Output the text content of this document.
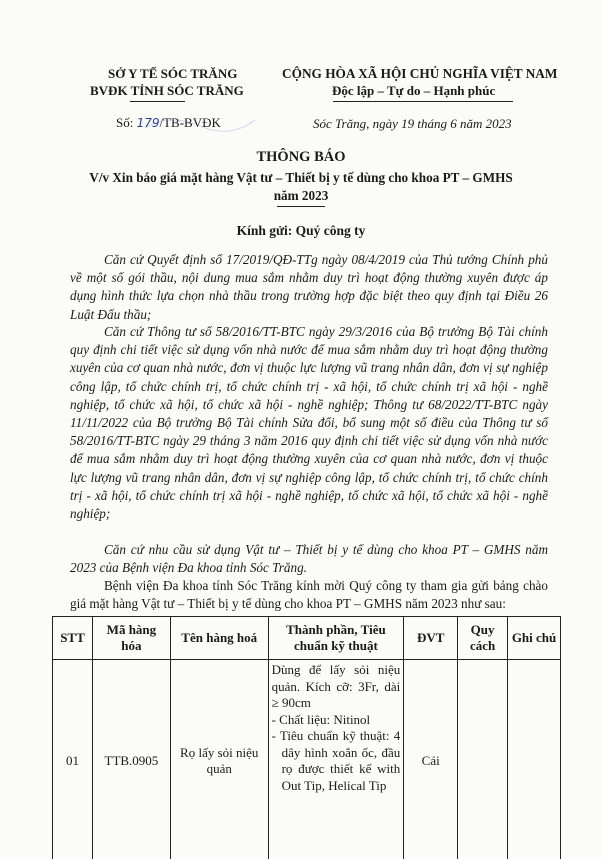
SỞ Y TẾ SÓC TRĂNG
BVĐK TỈNH SÓC TRĂNG
CỘNG HÒA XÃ HỘI CHỦ NGHĨA VIỆT NAM
Độc lập – Tự do – Hạnh phúc
Số: 179/TB-BVĐK	Sóc Trăng, ngày 19 tháng 6 năm 2023
THÔNG BÁO
V/v Xin báo giá mặt hàng Vật tư – Thiết bị y tế dùng cho khoa PT – GMHS
năm 2023
Kính gửi: Quý công ty
Căn cứ Quyết định số 17/2019/QĐ-TTg ngày 08/4/2019 của Thủ tướng Chính phủ về một số gói thầu, nội dung mua sắm nhằm duy trì hoạt động thường xuyên được áp dụng hình thức lựa chọn nhà thầu trong trường hợp đặc biệt theo quy định tại Điều 26 Luật Đấu thầu;
Căn cứ Thông tư số 58/2016/TT-BTC ngày 29/3/2016 của Bộ trưởng Bộ Tài chính quy định chi tiết việc sử dụng vốn nhà nước để mua sắm nhằm duy trì hoạt động thường xuyên của cơ quan nhà nước, đơn vị thuộc lực lượng vũ trang nhân dân, đơn vị sự nghiệp công lập, tổ chức chính trị, tổ chức chính trị - xã hội, tổ chức chính trị xã hội - nghề nghiệp, tổ chức xã hội, tổ chức xã hội - nghề nghiệp; Thông tư 68/2022/TT-BTC ngày 11/11/2022 của Bộ trưởng Bộ Tài chính Sửa đổi, bổ sung một số điều của Thông tư số 58/2016/TT-BTC ngày 29 tháng 3 năm 2016 quy định chi tiết việc sử dụng vốn nhà nước để mua sắm nhằm duy trì hoạt động thường xuyên của cơ quan nhà nước, đơn vị thuộc lực lượng vũ trang nhân dân, đơn vị sự nghiệp công lập, tổ chức chính trị, tổ chức chính trị - xã hội, tổ chức chính trị xã hội - nghề nghiệp, tổ chức xã hội, tổ chức xã hội - nghề nghiệp;
Căn cứ nhu cầu sử dụng Vật tư – Thiết bị y tế dùng cho khoa PT – GMHS năm 2023 của Bệnh viện Đa khoa tỉnh Sóc Trăng.
Bệnh viện Đa khoa tỉnh Sóc Trăng kính mời Quý công ty tham gia gửi bảng chào giá mặt hàng Vật tư – Thiết bị y tế dùng cho khoa PT – GMHS năm 2023 như sau:
STT	Mã hàng hóa	Tên hàng hoá	Thành phần, Tiêu chuẩn kỹ thuật	ĐVT	Quy cách	Ghi chú
01	TTB.0905	Rọ lấy sỏi niệu quản	Dùng để lấy sỏi niệu quản. Kích cỡ: 3Fr, dài ≥ 90cm
- Chất liệu: Nitinol
- Tiêu chuẩn kỹ thuật: 4 dây hình xoắn ốc, đầu rọ được thiết kế with Out Tip, Helical Tip	Cái		
